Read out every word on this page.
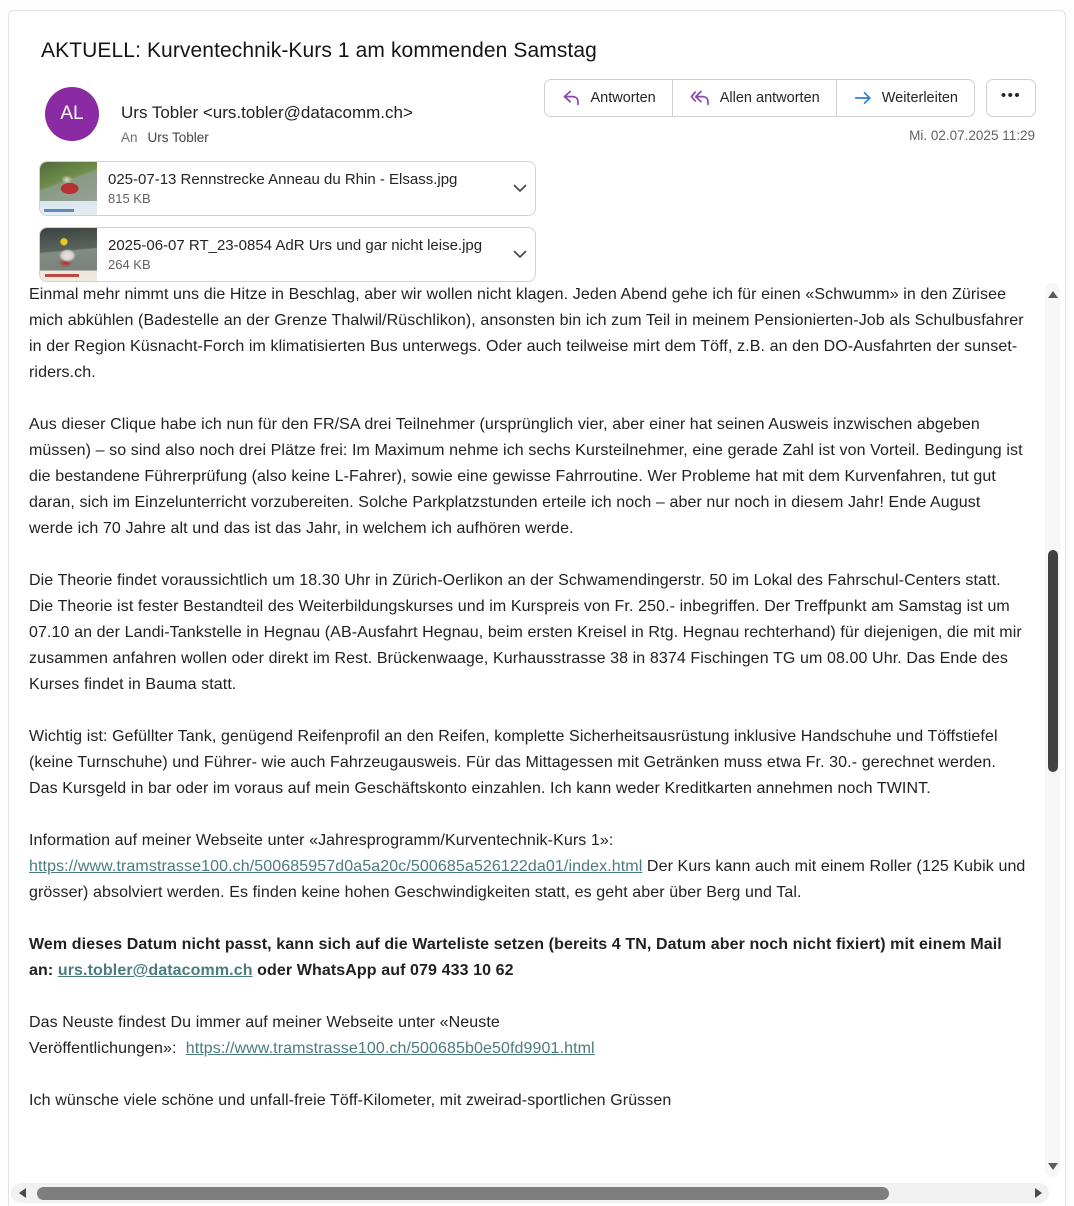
AKTUELL: Kurventechnik-Kurs 1 am kommenden Samstag
AL Urs Tobler <urs.tobler@datacomm.ch>
An Urs Tobler
Antworten	Allen antworten	Weiterleiten	•••
Mi. 02.07.2025 11:29
025-07-13 Rennstrecke Anneau du Rhin - Elsass.jpg
815 KB
2025-06-07 RT_23-0854 AdR Urs und gar nicht leise.jpg
264 KB

Einmal mehr nimmt uns die Hitze in Beschlag, aber wir wollen nicht klagen. Jeden Abend gehe ich für einen «Schwumm» in den Zürisee mich abkühlen (Badestelle an der Grenze Thalwil/Rüschlikon), ansonsten bin ich zum Teil in meinem Pensionierten-Job als Schulbusfahrer in der Region Küsnacht-Forch im klimatisierten Bus unterwegs. Oder auch teilweise mirt dem Töff, z.B. an den DO-Ausfahrten der sunset-riders.ch.

Aus dieser Clique habe ich nun für den FR/SA drei Teilnehmer (ursprünglich vier, aber einer hat seinen Ausweis inzwischen abgeben müssen) – so sind also noch drei Plätze frei: Im Maximum nehme ich sechs Kursteilnehmer, eine gerade Zahl ist von Vorteil. Bedingung ist die bestandene Führerprüfung (also keine L-Fahrer), sowie eine gewisse Fahrroutine. Wer Probleme hat mit dem Kurvenfahren, tut gut daran, sich im Einzelunterricht vorzubereiten. Solche Parkplatzstunden erteile ich noch – aber nur noch in diesem Jahr! Ende August werde ich 70 Jahre alt und das ist das Jahr, in welchem ich aufhören werde.

Die Theorie findet voraussichtlich um 18.30 Uhr in Zürich-Oerlikon an der Schwamendingerstr. 50 im Lokal des Fahrschul-Centers statt. Die Theorie ist fester Bestandteil des Weiterbildungskurses und im Kurspreis von Fr. 250.- inbegriffen. Der Treffpunkt am Samstag ist um 07.10 an der Landi-Tankstelle in Hegnau (AB-Ausfahrt Hegnau, beim ersten Kreisel in Rtg. Hegnau rechterhand) für diejenigen, die mit mir zusammen anfahren wollen oder direkt im Rest. Brückenwaage, Kurhausstrasse 38 in 8374 Fischingen TG um 08.00 Uhr. Das Ende des Kurses findet in Bauma statt.

Wichtig ist: Gefüllter Tank, genügend Reifenprofil an den Reifen, komplette Sicherheitsausrüstung inklusive Handschuhe und Töffstiefel (keine Turnschuhe) und Führer- wie auch Fahrzeugausweis. Für das Mittagessen mit Getränken muss etwa Fr. 30.- gerechnet werden. Das Kursgeld in bar oder im voraus auf mein Geschäftskonto einzahlen. Ich kann weder Kreditkarten annehmen noch TWINT.

Information auf meiner Webseite unter «Jahresprogramm/Kurventechnik-Kurs 1»:
https://www.tramstrasse100.ch/500685957d0a5a20c/500685a526122da01/index.html Der Kurs kann auch mit einem Roller (125 Kubik und grösser) absolviert werden. Es finden keine hohen Geschwindigkeiten statt, es geht aber über Berg und Tal.

Wem dieses Datum nicht passt, kann sich auf die Warteliste setzen (bereits 4 TN, Datum aber noch nicht fixiert) mit einem Mail an: urs.tobler@datacomm.ch oder WhatsApp auf 079 433 10 62

Das Neuste findest Du immer auf meiner Webseite unter «Neuste
Veröffentlichungen»:  https://www.tramstrasse100.ch/500685b0e50fd9901.html

Ich wünsche viele schöne und unfall-freie Töff-Kilometer, mit zweirad-sportlichen Grüssen
